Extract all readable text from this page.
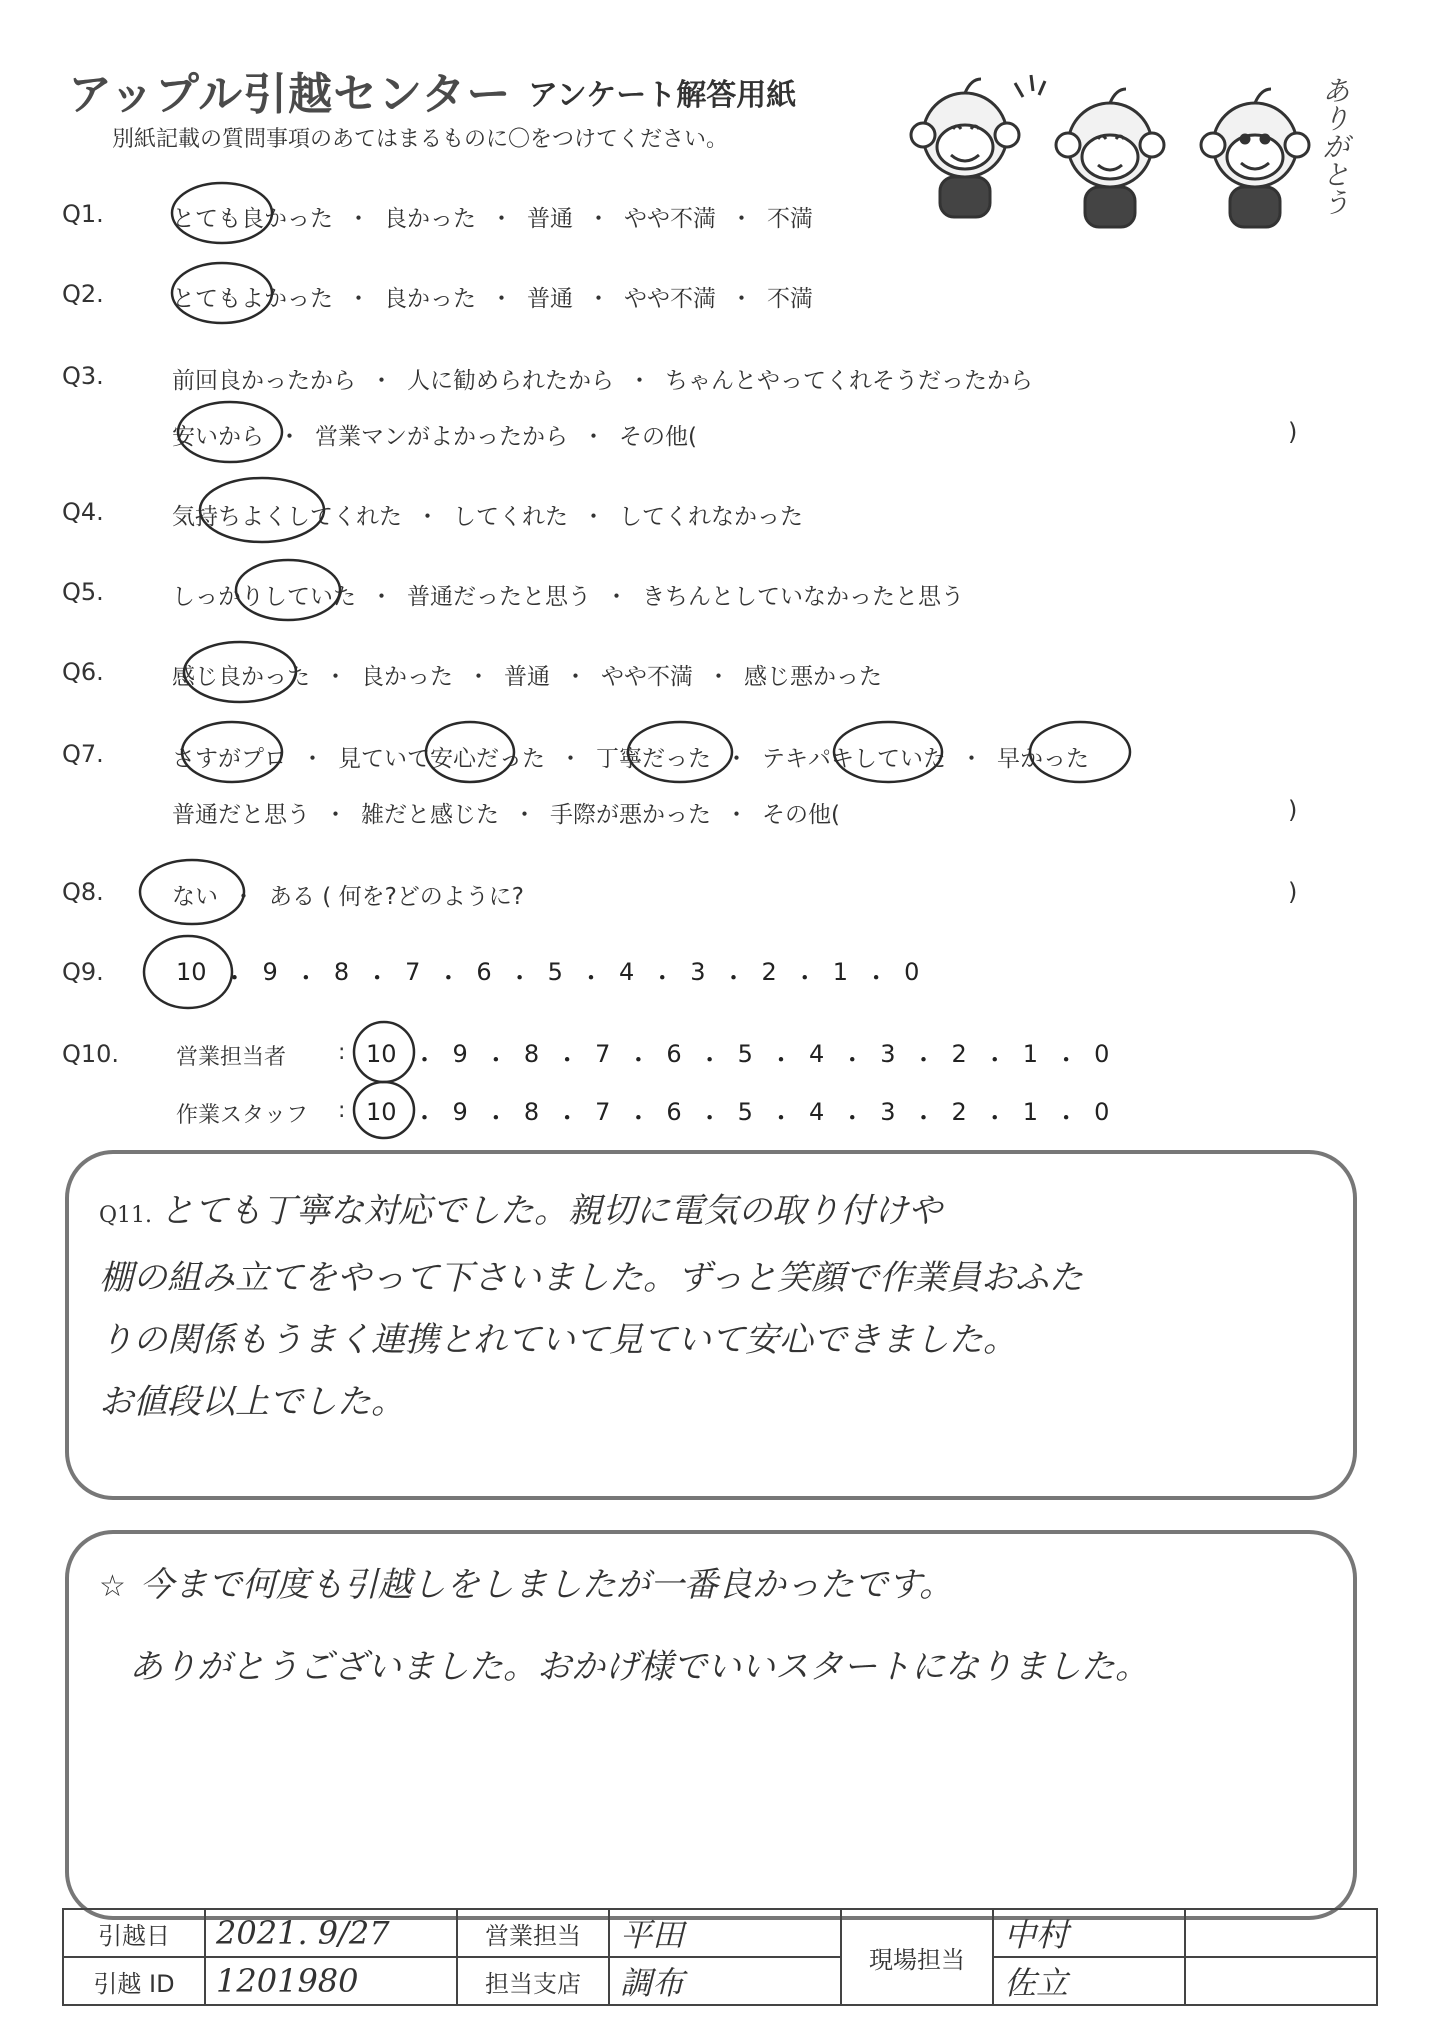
アップル引越センター アンケート解答用紙
別紙記載の質問事項のあてはまるものに〇をつけてください。	ありがとう
Q1.	とても良かった ・ 良かった ・ 普通 ・ やや不満 ・ 不満
Q2.	とてもよかった ・ 良かった ・ 普通 ・ やや不満 ・ 不満
Q3.	前回良かったから ・ 人に勧められたから ・ ちゃんとやってくれそうだったから
安いから ・ 営業マンがよかったから ・ その他(	)
Q4.	気持ちよくしてくれた ・ してくれた ・ してくれなかった
Q5.	しっかりしていた ・ 普通だったと思う ・ きちんとしていなかったと思う
Q6.	感じ良かった ・ 良かった ・ 普通 ・ やや不満 ・ 感じ悪かった
Q7.	さすがプロ ・ 見ていて安心だった ・ 丁寧だった ・ テキパキしていた ・ 早かった
普通だと思う ・ 雑だと感じた ・ 手際が悪かった ・ その他(	)
Q8.	ない ・ ある ( 何を?どのように?	)
Q9.	10 ・ 9 ・ 8 ・ 7 ・ 6 ・ 5 ・ 4 ・ 3 ・ 2 ・ 1 ・ 0
Q10.	営業担当者 : 10 ・ 9 ・ 8 ・ 7 ・ 6 ・ 5 ・ 4 ・ 3 ・ 2 ・ 1 ・ 0
作業スタッフ : 10 ・ 9 ・ 8 ・ 7 ・ 6 ・ 5 ・ 4 ・ 3 ・ 2 ・ 1 ・ 0
Q11. とても丁寧な対応でした。親切に電気の取り付けや
棚の組み立てをやって下さいました。ずっと笑顔で作業員おふた
りの関係もうまく連携とれていて見ていて安心できました。
お値段以上でした。
☆ 今まで何度も引越しをしましたが一番良かったです。
ありがとうございました。おかげ様でいいスタートになりました。
引越日	2021. 9/27	営業担当	平田	現場担当	中村	
引越 ID	1201980	担当支店	調布		佐立	
